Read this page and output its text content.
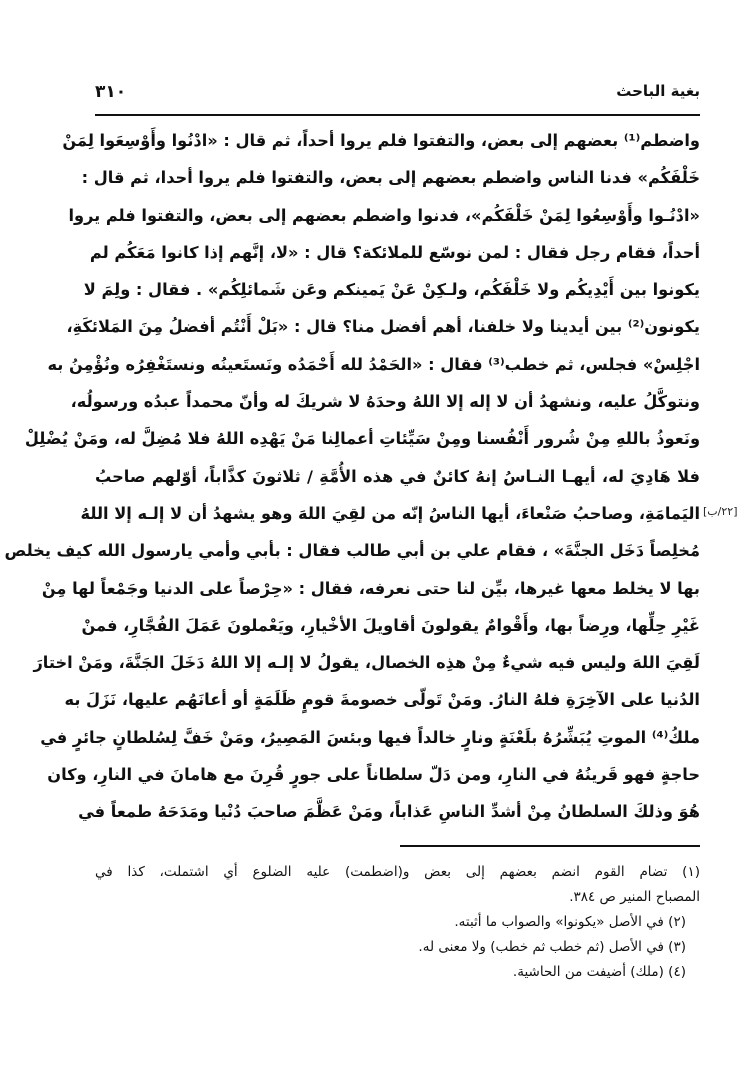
بغية الباحث
٣١٠
واضطم⁽¹⁾ بعضهم إلى بعض، والتفتوا فلم يروا أحداً، ثم قال : «ادْنُوا وأَوْسِعَوا لِمَنْ
خَلْفَكُم» فدنا الناس واضطم بعضهم إلى بعض، والتفتوا فلم يروا أحدا، ثم قال :
«ادْنُـوا وأَوْسِعُوا لِمَنْ خَلْفَكُم»، فدنوا واضطم بعضهم إلى بعض، والتفتوا فلم يروا
أحداً، فقام رجل فقال : لمن نوسّع للملائكة؟ قال : «لا، إنَّهم إذا كانوا مَعَكُم لم
يكونوا بين أَيْدِيكُم ولا خَلْفَكُم، ولـكِنْ عَنْ يَمينكم وعَن شَمائلِكُم» . فقال : ولِمَ لا
يكونون⁽²⁾ بين أيدينا ولا خلفنا، أهم أفضل منا؟ قال : «بَلْ أَنْتُم أفضلُ مِنَ المَلائكَةِ،
اجْلِسْ» فجلس، ثم خطب⁽³⁾ فقال : «الحَمْدُ لله أَحْمَدُه ونَستَعينُه ونستَغْفِرُه ونُؤْمِنُ به
ونتوكَّلُ عليه، ونشهدُ أن لا إله إلا اللهُ وحدَهُ لا شريكَ له وأنّ محمداً عبدُه ورسولُه،
ونَعوذُ باللهِ مِنْ شُرور أَنْفُسنا ومِنْ سَيِّئاتِ أعمالِنا مَنْ يَهْدِه اللهُ فلا مُضِلَّ له، ومَنْ يُضْلِلْ
فلا هَادِيَ له، أيهـا النـاسُ إنهُ كائنٌ في هذه الأُمَّةِ / ثلاثونَ كذَّاباً، أوّلهم صاحبُ
اليَمامَةِ، وصاحبُ صَنْعاءَ، أيها الناسُ إنّه من لقِيَ اللهَ وهو يشهدُ أن لا إلـه إلا اللهُ
مُخلِصاً دَخَل الجنَّةَ» ، فقام علي بن أبي طالب فقال : بأبي وأمي يارسول الله كيف يخلص
بها لا يخلط معها غيرها، بيِّن لنا حتى نعرفه، فقال : «حِرْصاً على الدنيا وجَمْعاً لها مِنْ
غَيْرِ حِلِّها، ورِضاً بها، وأَقْوامٌ يقولونَ أقاويلَ الأخْيارِ، ويَعْملونَ عَمَلَ الفُجَّارِ، فمنْ
لَقِيَ اللهَ وليس فيه شيءٌ مِنْ هذِه الخصال، يقولُ لا إلـه إلا اللهُ دَخَلَ الجَنَّةَ، ومَنْ اختارَ
الدُنيا على الآخِرَةِ فلهُ النارُ. ومَنْ تَولّى خصومةَ قومٍ ظَلَمَةٍ أو أعانَهُم عليها، نَزَلَ به
ملكُ⁽⁴⁾ الموتِ يُبَشِّرُهُ بلَعْنَةٍ ونارٍ خالداً فيها وبئسَ المَصِيرُ، ومَنْ خَفَّ لِسُلطانٍ جائرٍ في
حاجةٍ فهو قَرينُهُ في النارِ، ومن دَلّ سلطاناً على جورٍ قُرِنَ مع هامانَ في النارِ، وكان
هُوَ وذلكَ السلطانُ مِنْ أشدِّ الناسِ عَذاباً، ومَنْ عَظَّمَ صاحبَ دُنْيا ومَدَحَهُ طمعاً في
[٢٢/ب]
(١) تضام القوم انضم بعضهم إلى بعض و(اضطمت) عليه الضلوع أي اشتملت، كذا في
المصباح المنير ص ٣٨٤.
(٢) في الأصل «يكونوا» والصواب ما أثبته.
(٣) في الأصل (ثم خطب ثم خطب) ولا معنى له.
(٤) (ملك) أضيفت من الحاشية.
